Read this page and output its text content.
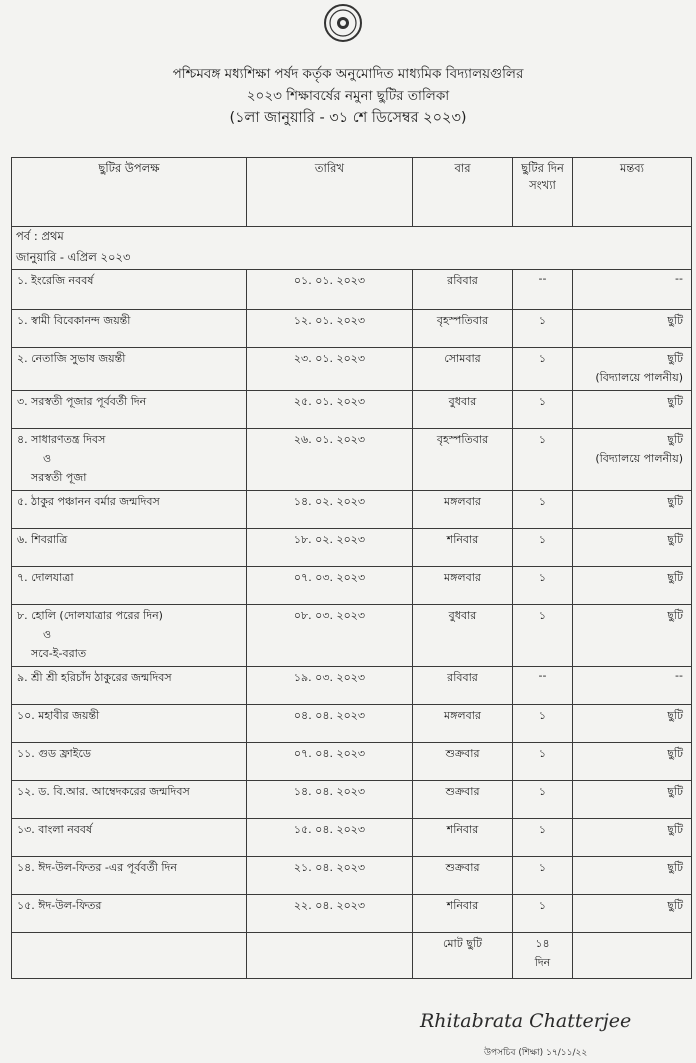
পশ্চিমবঙ্গ মধ্যশিক্ষা পর্ষদ কর্তৃক অনুমোদিত মাধ্যমিক বিদ্যালয়গুলির
২০২৩ শিক্ষাবর্ষের নমুনা ছুটির তালিকা
(১লা জানুয়ারি - ৩১ শে ডিসেম্বর ২০২৩)
ছুটির উপলক্ষ	তারিখ	বার	ছুটির দিন সংখ্যা	মন্তব্য
পর্ব : প্রথম				
জানুয়ারি - এপ্রিল ২০২৩				
১. ইংরেজি নববর্ষ	০১. ০১. ২০২৩	রবিবার	--	--
১. স্বামী বিবেকানন্দ জয়ন্তী	১২. ০১. ২০২৩	বৃহস্পতিবার	১	ছুটি
২. নেতাজি সুভাষ জয়ন্তী	২৩. ০১. ২০২৩	সোমবার	১	ছুটি
(বিদ্যালয়ে পালনীয়)

৩. সরস্বতী পূজার পূর্ববর্তী দিন	২৫. ০১. ২০২৩	বুধবার	১	ছুটি
৪. সাধারণতন্ত্র দিবস
ও
সরস্বতী পূজা	২৬. ০১. ২০২৩	বৃহস্পতিবার	১	ছুটি
(বিদ্যালয়ে পালনীয়)

৫. ঠাকুর পঞ্চানন বর্মার জন্মদিবস	১৪. ০২. ২০২৩	মঙ্গলবার	১	ছুটি
৬. শিবরাত্রি	১৮. ০২. ২০২৩	শনিবার	১	ছুটি
৭. দোলযাত্রা	০৭. ০৩. ২০২৩	মঙ্গলবার	১	ছুটি
৮. হোলি (দোলযাত্রার পরের দিন)
ও
সবে-ই-বরাত	০৮. ০৩. ২০২৩	বুধবার	১	ছুটি
৯. শ্রী শ্রী হরিচাঁদ ঠাকুরের জন্মদিবস	১৯. ০৩. ২০২৩	রবিবার	--	--
১০. মহাবীর জয়ন্তী	০৪. ০৪. ২০২৩	মঙ্গলবার	১	ছুটি
১১. গুড ফ্রাইডে	০৭. ০৪. ২০২৩	শুক্রবার	১	ছুটি
১২. ড. বি.আর. আম্বেদকরের জন্মদিবস	১৪. ০৪. ২০২৩	শুক্রবার	১	ছুটি
১৩. বাংলা নববর্ষ	১৫. ০৪. ২০২৩	শনিবার	১	ছুটি
১৪. ঈদ-উল-ফিতর -এর পূর্ববর্তী দিন	২১. ০৪. ২০২৩	শুক্রবার	১	ছুটি
১৫. ঈদ-উল-ফিতর	২২. ০৪. ২০২৩	শনিবার	১	ছুটি
		মোট ছুটি	১৪
দিন	

Rhitabrata Chatterjee
উপসচিব (শিক্ষা) ১৭/১১/২২
